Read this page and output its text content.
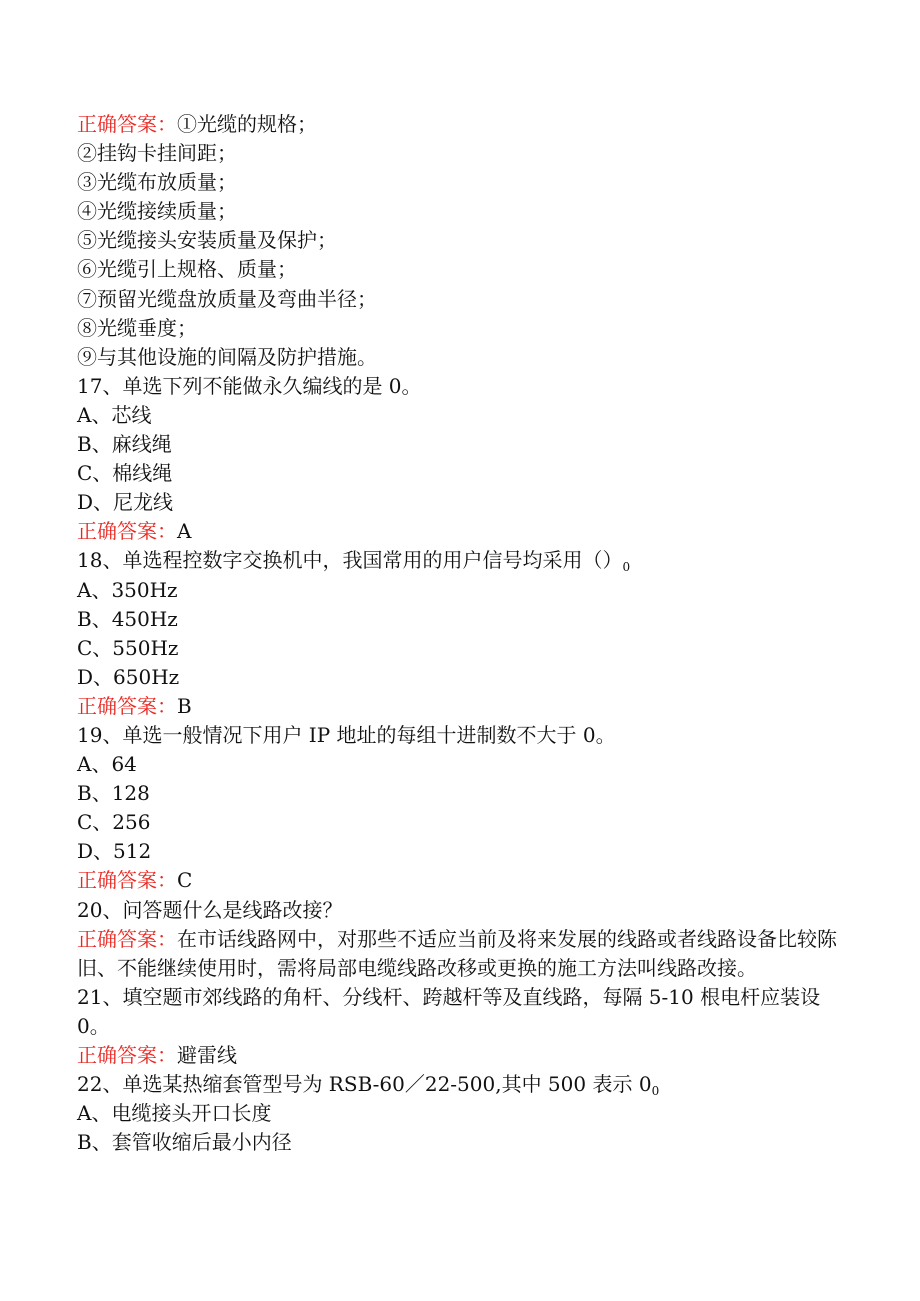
正确答案：①光缆的规格；
②挂钩卡挂间距；
③光缆布放质量；
④光缆接续质量；
⑤光缆接头安装质量及保护；
⑥光缆引上规格、质量；
⑦预留光缆盘放质量及弯曲半径；
⑧光缆垂度；
⑨与其他设施的间隔及防护措施。
17、单选下列不能做永久编线的是 0。
A、芯线
B、麻线绳
C、棉线绳
D、尼龙线
正确答案：A
18、单选程控数字交换机中，我国常用的用户信号均采用$()_0$
A、350Hz
B、450Hz
C、550Hz
D、650Hz
正确答案：B
19、单选一般情况下用户 IP 地址的每组十进制数不大于 0。
A、64
B、128
C、256
D、512
正确答案：C
20、问答题什么是线路改接？
正确答案：在市话线路网中，对那些不适应当前及将来发展的线路或者线路设备比较陈旧、不能继续使用时，需将局部电缆线路改移或更换的施工方法叫线路改接。
21、填空题市郊线路的角杆、分线杆、跨越杆等及直线路，每隔 5-10 根电杆应装设 0。
正确答案：避雷线
22、单选某热缩套管型号为 RSB-60／22-500,其中 500 表示 $0_0$
A、电缆接头开口长度
B、套管收缩后最小内径
